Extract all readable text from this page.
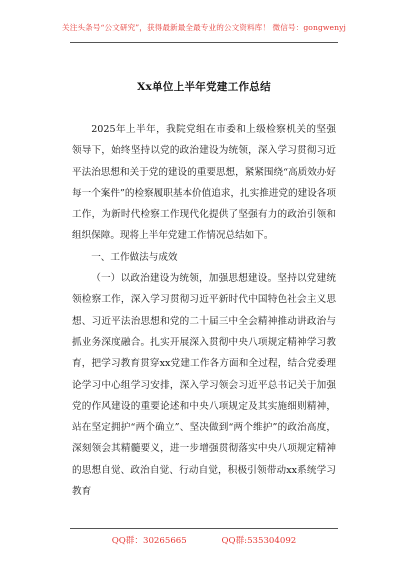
关注头条号“公文研究”，获得最新最全最专业的公文资料库！ 微信号：gongwenyj
Xx单位上半年党建工作总结

2025年上半年，我院党组在市委和上级检察机关的坚强领导下，始终坚持以党的政治建设为统领，深入学习贯彻习近平法治思想和关于党的建设的重要思想，紧紧围绕“高质效办好每一个案件”的检察履职基本价值追求，扎实推进党的建设各项工作，为新时代检察工作现代化提供了坚强有力的政治引领和组织保障。现将上半年党建工作情况总结如下。

一、工作做法与成效

（一）以政治建设为统领，加强思想建设。坚持以党建统领检察工作，深入学习贯彻习近平新时代中国特色社会主义思想、习近平法治思想和党的二十届三中全会精神推动讲政治与抓业务深度融合。扎实开展深入贯彻中央八项规定精神学习教育，把学习教育贯穿xx党建工作各方面和全过程，结合党委理论学习中心组学习安排，深入学习领会习近平总书记关于加强党的作风建设的重要论述和中央八项规定及其实施细则精神，站在坚定拥护“两个确立”、坚决做到“两个维护”的政治高度，深刻领会其精髓要义，进一步增强贯彻落实中央八项规定精神的思想自觉、政治自觉、行动自觉，积极引领带动xx系统学习教育

QQ群：30265665	QQ群:535304092
